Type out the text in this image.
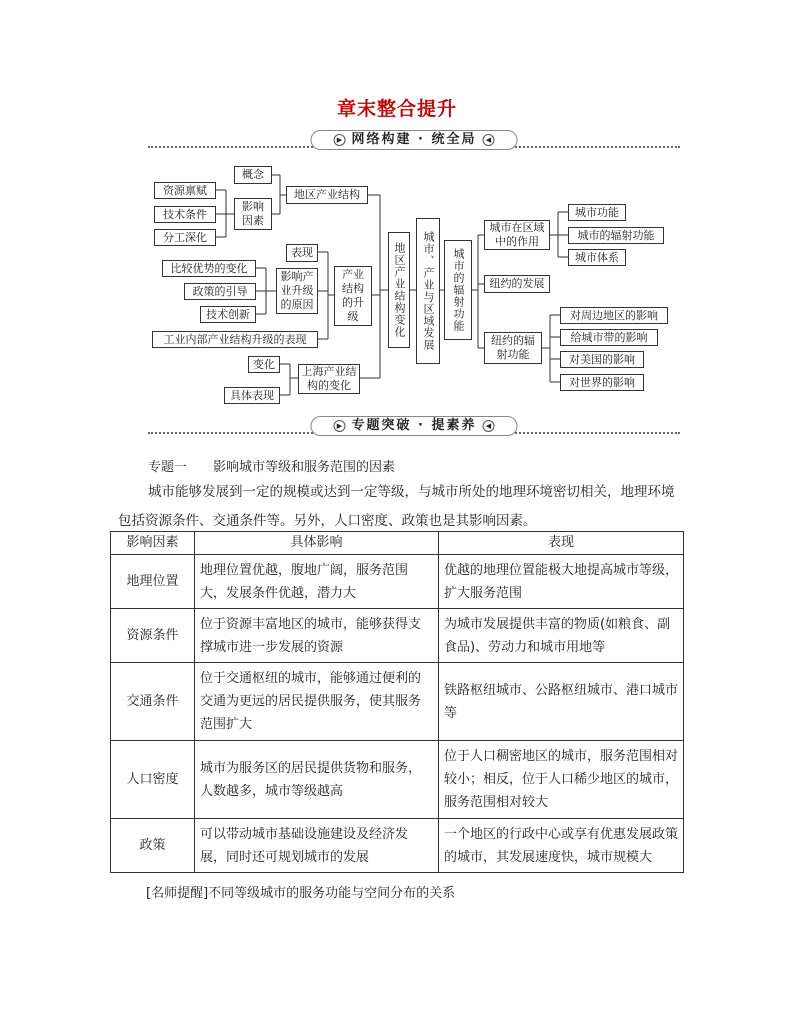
章末整合提升
▶ 网络构建 · 统全局 ◀
资源禀赋
技术条件
分工深化
概念
影响因素
地区产业结构
表现
比较优势的变化
政策的引导
技术创新
影响产业升级的原因
工业内部产业结构升级的表现
产业结构的升级
变化
具体表现
上海产业结构的变化
地区产业结构变化	城市、产业与区域发展	城市的辐射功能
城市在区域中的作用
城市功能
城市的辐射功能
城市体系
纽约的发展
纽约的辐射功能
对周边地区的影响
给城市带的影响
对美国的影响
对世界的影响
▶ 专题突破 · 提素养 ◀
专题一 影响城市等级和服务范围的因素
城市能够发展到一定的规模或达到一定等级，与城市所处的地理环境密切相关，地理环境包括资源条件、交通条件等。另外，人口密度、政策也是其影响因素。
影响因素	具体影响	表现
地理位置	地理位置优越，腹地广阔，服务范围大，发展条件优越，潜力大	优越的地理位置能极大地提高城市等级，扩大服务范围
资源条件	位于资源丰富地区的城市，能够获得支撑城市进一步发展的资源	为城市发展提供丰富的物质(如粮食、副食品)、劳动力和城市用地等
交通条件	位于交通枢纽的城市，能够通过便利的交通为更远的居民提供服务，使其服务范围扩大	铁路枢纽城市、公路枢纽城市、港口城市等
人口密度	城市为服务区的居民提供货物和服务，人数越多，城市等级越高	位于人口稠密地区的城市，服务范围相对较小；相反，位于人口稀少地区的城市，服务范围相对较大
政策	可以带动城市基础设施建设及经济发展，同时还可规划城市的发展	一个地区的行政中心或享有优惠发展政策的城市，其发展速度快，城市规模大
[名师提醒]不同等级城市的服务功能与空间分布的关系
